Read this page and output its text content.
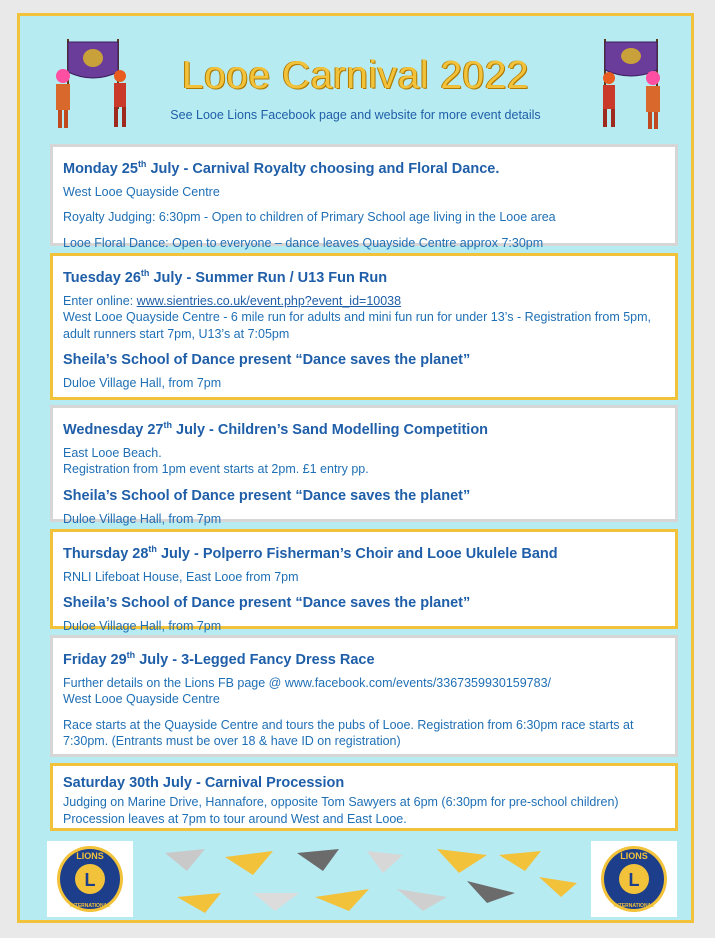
Looe Carnival 2022
See Looe Lions Facebook page and website for more event details
Monday 25th July - Carnival Royalty choosing and Floral Dance.
West Looe Quayside Centre
Royalty Judging: 6:30pm - Open to children of Primary School age living in the Looe area
Looe Floral Dance: Open to everyone – dance leaves Quayside Centre approx 7:30pm
Tuesday 26th July - Summer Run / U13 Fun Run
Enter online: www.sientries.co.uk/event.php?event_id=10038
West Looe Quayside Centre - 6 mile run for adults and mini fun run for under 13’s - Registration from 5pm, adult runners start 7pm, U13’s at 7:05pm
Sheila’s School of Dance present “Dance saves the planet”
Duloe Village Hall, from 7pm
Wednesday 27th July - Children’s Sand Modelling Competition
East Looe Beach.
Registration from 1pm event starts at 2pm. £1 entry pp.
Sheila’s School of Dance present “Dance saves the planet”
Duloe Village Hall, from 7pm
Thursday 28th July - Polperro Fisherman’s Choir and Looe Ukulele Band
RNLI Lifeboat House, East Looe from 7pm
Sheila’s School of Dance present “Dance saves the planet”
Duloe Village Hall, from 7pm
Friday 29th July - 3-Legged Fancy Dress Race
Further details on the Lions FB page @ www.facebook.com/events/3367359930159783/
West Looe Quayside Centre
Race starts at the Quayside Centre and tours the pubs of Looe. Registration from 6:30pm race starts at 7:30pm. (Entrants must be over 18 & have ID on registration)
Saturday 30th July - Carnival Procession
Judging on Marine Drive, Hannafore, opposite Tom Sawyers at 6pm (6:30pm for pre-school children) Procession leaves at 7pm to tour around West and East Looe.
L
LIONS
INTERNATIONAL
L
LIONS
INTERNATIONAL
